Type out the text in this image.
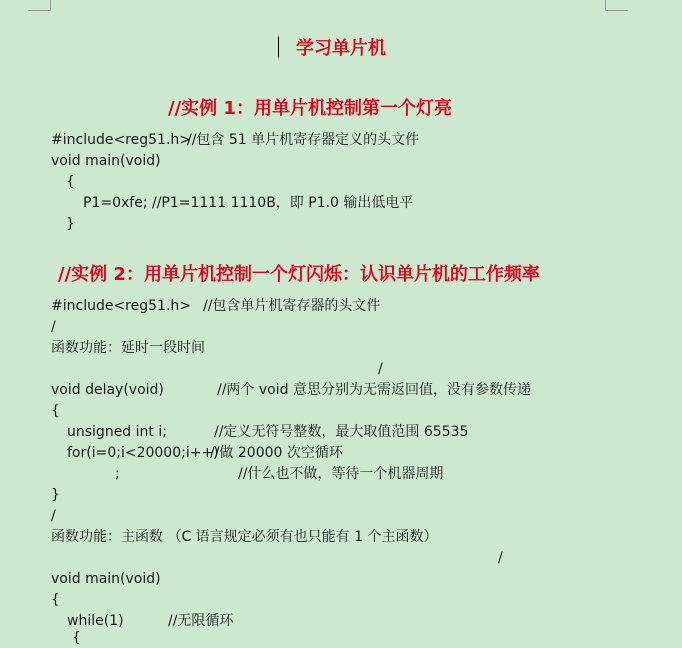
学习单片机
//实例 1：用单片机控制第一个灯亮
#include<reg51.h>
//包含 51 单片机寄存器定义的头文件
void main(void)
{
P1=0xfe; //P1=1111 1110B，即 P1.0 输出低电平
}
//实例 2：用单片机控制一个灯闪烁：认识单片机的工作频率
#include<reg51.h> //包含单片机寄存器的头文件
/
函数功能：延时一段时间
/
void delay(void)	//两个 void 意思分别为无需返回值，没有参数传递
{
unsigned int i;	//定义无符号整数，最大取值范围 65535
for(i=0;i<20000;i++)
//做 20000 次空循环
;	//什么也不做，等待一个机器周期
}
/
函数功能：主函数 （C 语言规定必须有也只能有 1 个主函数）
/
void main(void)
{
while(1)	//无限循环
{
